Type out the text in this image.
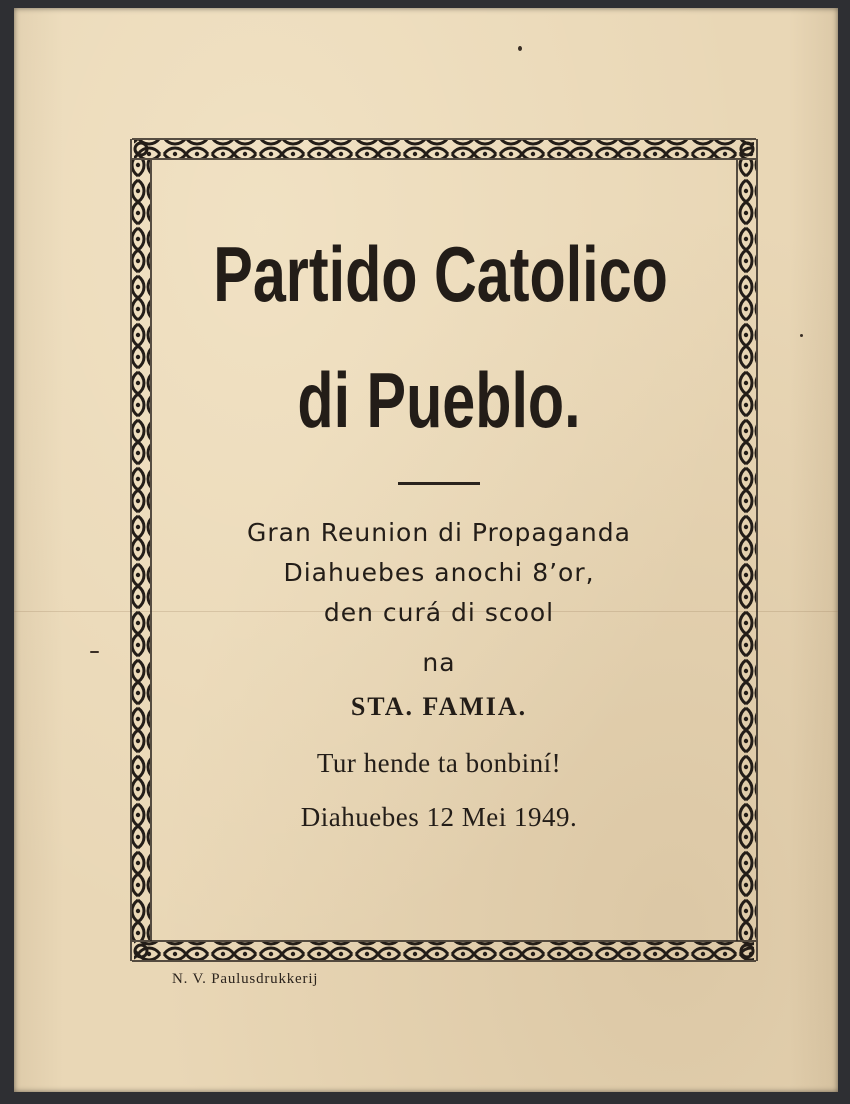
Partido Catolico
di Pueblo.
Gran Reunion di Propaganda
Diahuebes anochi 8’or,
den curá di scool
na
STA. FAMIA.
Tur hende ta bonbiní!
Diahuebes 12 Mei 1949.
N. V. Paulusdrukkerij
